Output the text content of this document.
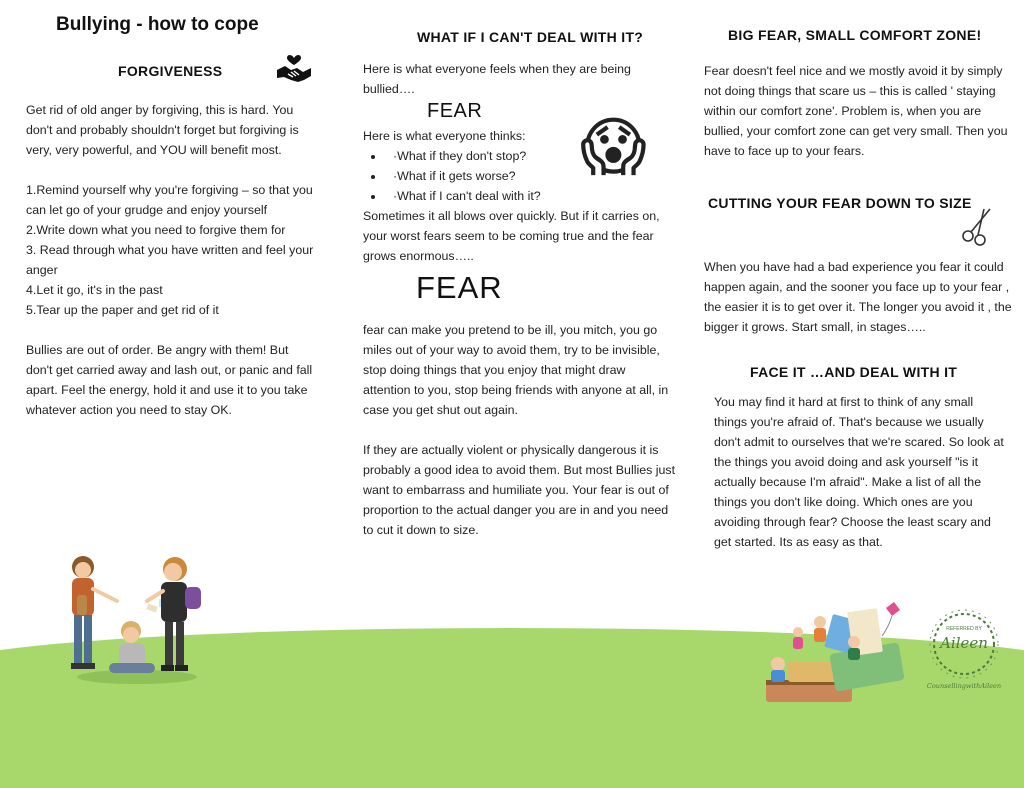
Bullying - how to cope
FORGIVENESS

Get rid of old anger by forgiving, this is hard. You don't and probably shouldn't forget but forgiving is very, very powerful, and YOU will benefit most.

1.Remind yourself why you're forgiving – so that you can let go of your grudge and enjoy yourself
2.Write down what you need to forgive them for
3. Read through what you have written and feel your anger
4.Let it go, it's in the past
5.Tear up the paper and get rid of it

Bullies are out of order. Be angry with them! But don't get carried away and lash out, or panic and fall apart. Feel the energy, hold it and use it to you take whatever action you need to stay OK.

WHAT IF I CAN'T DEAL WITH IT?
Here is what everyone feels when they are being bullied….
FEAR
Here is what everyone thinks:
• ·What if they don't stop?
• ·What if it gets worse?
• ·What if I can't deal with it?
😱
Sometimes it all blows over quickly. But if it carries on, your worst fears seem to be coming true and the fear grows enormous…..
FEAR

fear can make you pretend to be ill, you mitch, you go miles out of your way to avoid them, try to be invisible, stop doing things that you enjoy that might draw attention to you, stop being friends with anyone at all, in case you get shut out again.

If they are actually violent or physically dangerous it is probably a good idea to avoid them. But most Bullies just want to embarrass and humiliate you. Your fear is out of proportion to the actual danger you are in and you need to cut it down to size.

BIG FEAR, SMALL COMFORT ZONE!
Fear doesn't feel nice and we mostly avoid it by simply not doing things that scare us – this is called ' staying within our comfort zone'. Problem is, when you are bullied, your comfort zone can get very small. Then you have to face up to your fears.
CUTTING YOUR FEAR DOWN TO SIZE
When you have had a bad experience you fear it could happen again, and the sooner you face up to your fear , the easier it is to get over it. The longer you avoid it , the bigger it grows. Start small, in stages…..
FACE IT …AND DEAL WITH IT
You may find it hard at first to think of any small things you're afraid of. That's because we usually don't admit to ourselves that we're scared. So look at the things you avoid doing and ask yourself "is it actually because I'm afraid". Make a list of all the things you don't like doing. Which ones are you avoiding through fear? Choose the least scary and get started. Its as easy as that.
REFERRED BY
Aileen
CounsellingwithAileen
